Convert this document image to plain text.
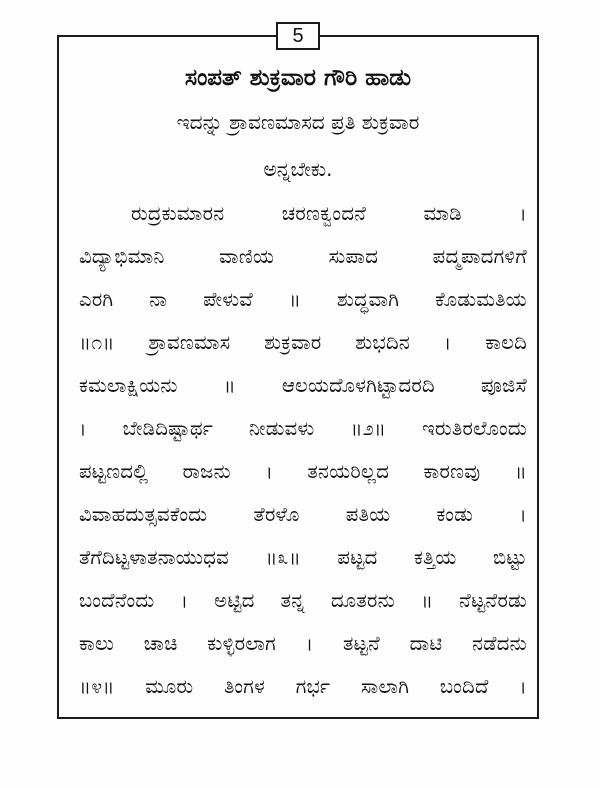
ಸಂಪತ್ ಶುಕ್ರವಾರ ಗೌರಿ ಹಾಡು
ಇದನ್ನು ಶ್ರಾವಣಮಾಸದ ಪ್ರತಿ ಶುಕ್ರವಾರ
ಅನ್ನಬೇಕು.
ರುದ್ರಕುಮಾರನ ಚರಣಕ್ವಂದನೆ ಮಾಡಿ ।
ವಿದ್ಯಾಭಿಮಾನಿ ವಾಣಿಯ ಸುಪಾದ ಪದ್ಮಪಾದಗಳಿಗೆ
ಎರಗಿ ನಾ ಪೇಳುವೆ ॥ ಶುದ್ಧವಾಗಿ ಕೊಡುಮತಿಯ
॥೧॥ ಶ್ರಾವಣಮಾಸ ಶುಕ್ರವಾರ ಶುಭದಿನ । ಕಾಲದಿ
ಕಮಲಾಕ್ಷಿಯನು ॥ ಆಲಯದೊಳಗಿಟ್ಟಾದರದಿ ಪೂಜಿಸೆ
। ಬೇಡಿದಿಷ್ಟಾರ್ಥ ನೀಡುವಳು ॥೨॥ ಇರುತಿರಲೊಂದು
ಪಟ್ಟಣದಲ್ಲಿ ರಾಜನು । ತನಯರಿಲ್ಲದ ಕಾರಣವು ॥
ವಿವಾಹದುತ್ಸವಕೆಂದು ತೆರಳೊ ಪತಿಯ ಕಂಡು ।
ತೆಗೆದಿಟ್ಟಳಾತನಾಯುಧವ ॥೩॥ ಪಟ್ಟದ ಕತ್ತಿಯ ಬಿಟ್ಟು
ಬಂದೆನೆಂದು । ಅಟ್ಟಿದ ತನ್ನ ದೂತರನು ॥ ನೆಟ್ಟನೆರಡು
ಕಾಲು ಚಾಚಿ ಕುಳ್ಳಿರಲಾಗ । ತಟ್ಟನೆ ದಾಟಿ ನಡೆದನು
॥೪॥ ಮೂರು ತಿಂಗಳ ಗರ್ಭ ಸಾಲಾಗಿ ಬಂದಿದೆ ।
5
